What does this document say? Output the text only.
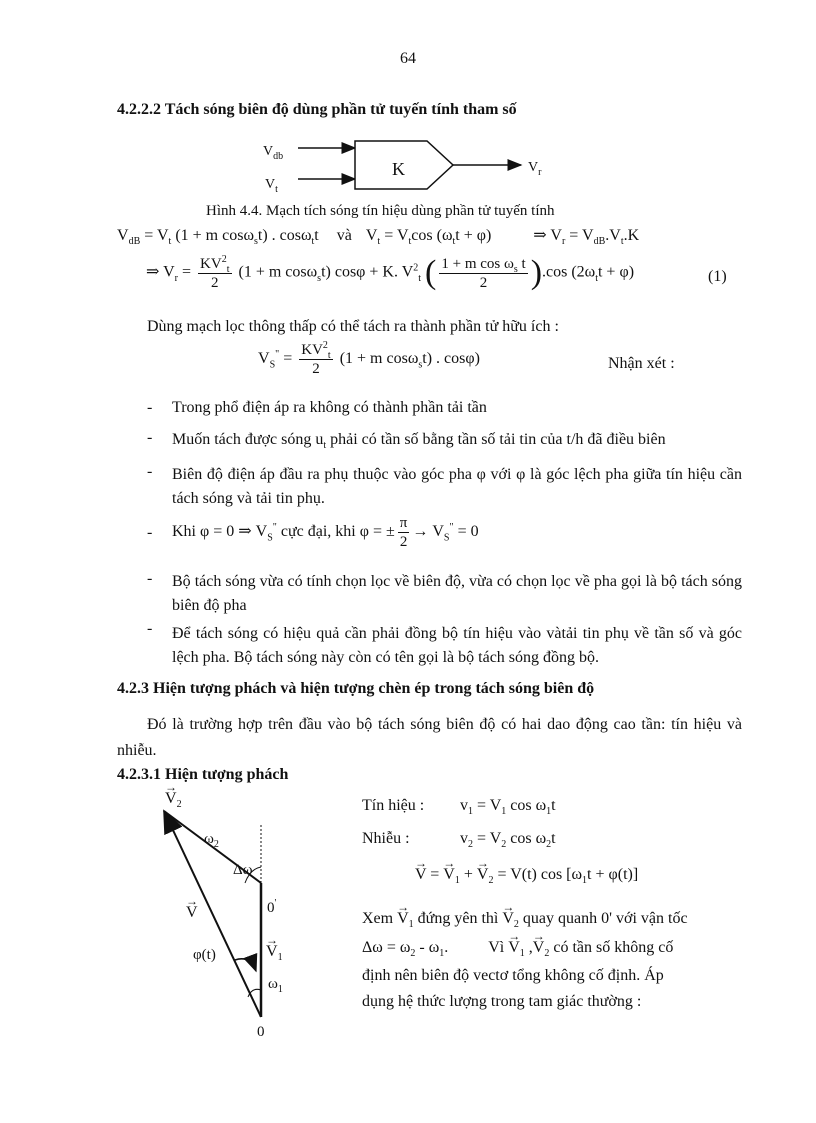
64
4.2.2.2 Tách sóng biên độ dùng phần tử tuyến tính tham số
$V_{db}$
$V_t$
K	$V_r$
Hình 4.4. Mạch tích sóng tín hiệu dùng phần tử tuyến tính
$V_{dB} = V_t$ (1 + m cosω$_s$t) . cosω$_t$t và $V_t = V_t\cos$ $(\omega_tt + \varphi)$	⇒ $V_r = V_{dB}.V_t.K$
⇒ $V_r = \frac{KV^2_t}{2} (1 + m$ cosω$_s$t) cosφ + K. $V^2_t$ ( $\frac{1 + m \cos \omega_s t}{2} ).\cos$ $(2\omega_tt + \varphi)$	(1)
Dùng mạch lọc thông thấp có thể tách ra thành phần tử hữu ích :
$V_S^" = \frac{KV^2_t}{2} (1 + m$ cosω$_s$t) . cosφ)	Nhận xét :
- Trong phổ điện áp ra không có thành phần tải tần
- Muốn tách được sóng $u_t$ phải có tần số bằng tần số tải tin của t/h đã điều biên
- Biên độ điện áp đầu ra phụ thuộc vào góc pha φ với φ là góc lệch pha giữa tín hiệu cần tách sóng và tải tin phụ.
- Khi φ = 0 ⇒ $V_S^"$ cực đại, khi φ = ± $\frac{\pi}{2} \to V_S^" = 0$
- Bộ tách sóng vừa có tính chọn lọc về biên độ, vừa có chọn lọc về pha gọi là bộ tách sóng biên độ pha
- Để tách sóng có hiệu quả cần phải đồng bộ tín hiệu vào vàtải tin phụ về tần số và góc lệch pha. Bộ tách sóng này còn có tên gọi là bộ tách sóng đồng bộ.
4.2.3 Hiện tượng phách và hiện tượng chèn ép trong tách sóng biên độ
Đó là trường hợp trên đầu vào bộ tách sóng biên độ có hai dao động cao tần: tín hiệu và nhiễu.
4.2.3.1 Hiện tượng phách
→
$V_2$
$\omega_2$
Δω
0'
→
V
φ(t)
→
$V_1$
$\omega_1$
0
Tín hiệu : $v_1 = V_1$ $\cos \omega_1t$
Nhiễu :	$v_2 = V_2$ $\cos \omega_2t$
→
V =
→
$V_1$ +
→
$V_2 = V(t)$ $\cos [\omega_1t + \varphi(t)]$
Xem
→
$V_1$ đứng yên thì
→
$V_2$ quay quanh 0' với vận tốc
$\Delta\omega = \omega_2 - \omega_1$.	Vì
→
$V_1$ ,
→
$V_2$ có tần số không cố
định nên biên độ vectơ tổng không cố định. Áp
dụng hệ thức lượng trong tam giác thường :
